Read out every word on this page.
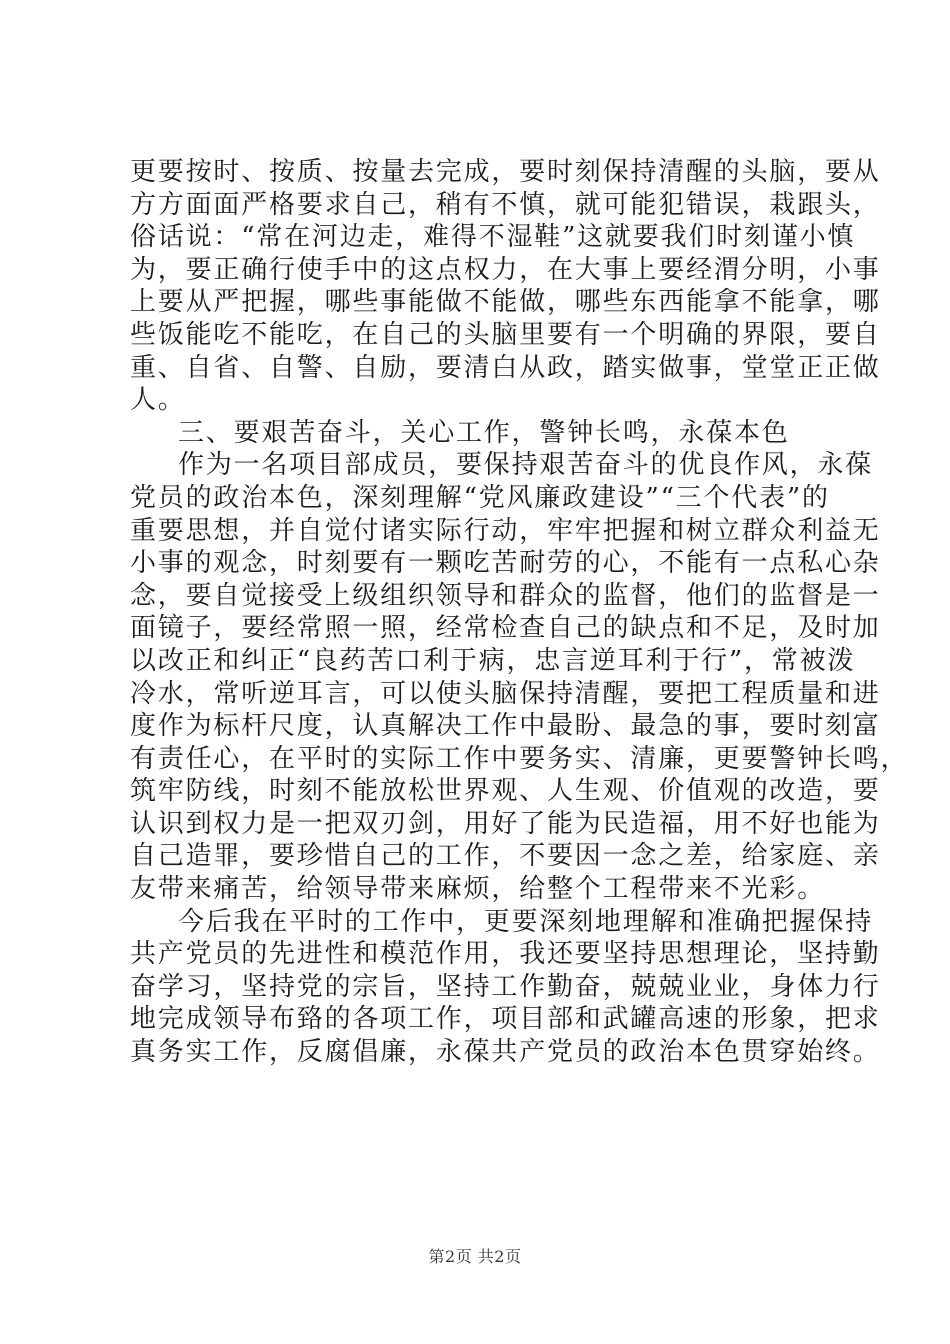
更要按时、按质、按量去完成，要时刻保持清醒的头脑，要从
方方面面严格要求自己，稍有不慎，就可能犯错误，栽跟头，
俗话说：“常在河边走，难得不湿鞋”这就要我们时刻谨小慎
为，要正确行使手中的这点权力，在大事上要经渭分明，小事
上要从严把握，哪些事能做不能做，哪些东西能拿不能拿，哪
些饭能吃不能吃，在自己的头脑里要有一个明确的界限，要自
重、自省、自警、自励，要清白从政，踏实做事，堂堂正正做
人。
三、要艰苦奋斗，关心工作，警钟长鸣，永葆本色
作为一名项目部成员，要保持艰苦奋斗的优良作风，永葆
党员的政治本色，深刻理解“党风廉政建设”“三个代表”的
重要思想，并自觉付诸实际行动，牢牢把握和树立群众利益无
小事的观念，时刻要有一颗吃苦耐劳的心，不能有一点私心杂
念，要自觉接受上级组织领导和群众的监督，他们的监督是一
面镜子，要经常照一照，经常检查自己的缺点和不足，及时加
以改正和纠正“良药苦口利于病，忠言逆耳利于行”，常被泼
冷水，常听逆耳言，可以使头脑保持清醒，要把工程质量和进
度作为标杆尺度，认真解决工作中最盼、最急的事，要时刻富
有责任心，在平时的实际工作中要务实、清廉，更要警钟长鸣，
筑牢防线，时刻不能放松世界观、人生观、价值观的改造，要
认识到权力是一把双刃剑，用好了能为民造福，用不好也能为
自己造罪，要珍惜自己的工作，不要因一念之差，给家庭、亲
友带来痛苦，给领导带来麻烦，给整个工程带来不光彩。
今后我在平时的工作中，更要深刻地理解和准确把握保持
共产党员的先进性和模范作用，我还要坚持思想理论，坚持勤
奋学习，坚持党的宗旨，坚持工作勤奋，兢兢业业，身体力行
地完成领导布臵的各项工作，项目部和武罐高速的形象，把求
真务实工作，反腐倡廉，永葆共产党员的政治本色贯穿始终。
第2页 共2页
